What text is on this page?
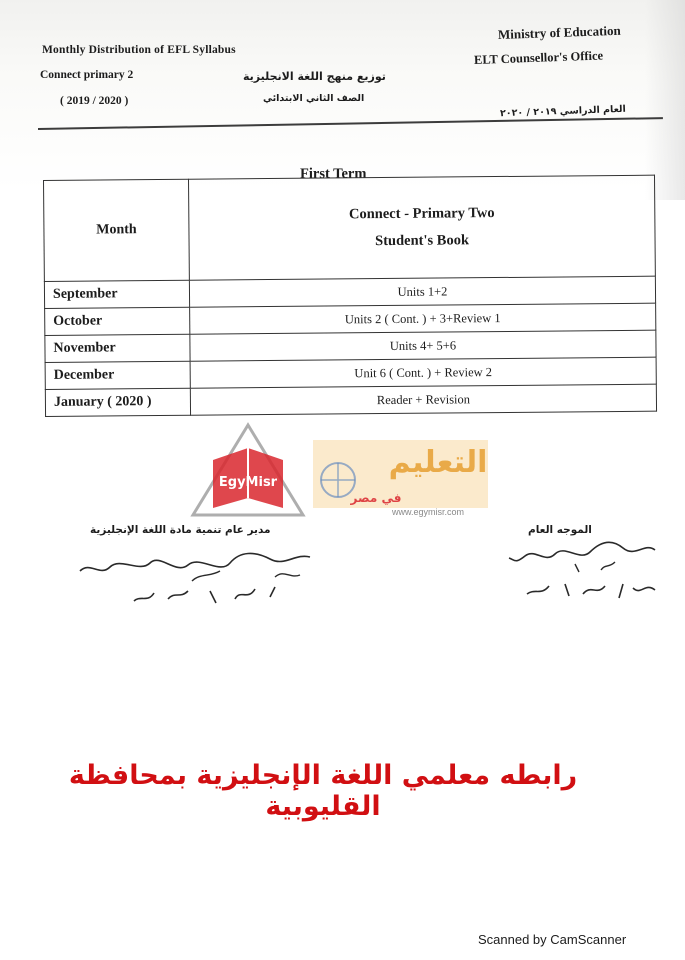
Monthly Distribution of EFL Syllabus
Connect primary 2
( 2019 / 2020 )
توزيع منهج اللغة الانجليزية
الصف الثاني الابتدائي
Ministry of Education
ELT Counsellor's Office
العام الدراسي ٢٠١٩ / ٢٠٢٠
First Term
Month	Connect - Primary Two
Student's Book

September	Units 1+2
October	Units 2 ( Cont. ) + 3+Review 1
November	Units 4+ 5+6
December	Unit 6 ( Cont. ) + Review 2
January ( 2020 )	Reader + Revision
EgyMisr
التعليم
في مصر
www.egymisr.com
مدير عام تنمية مادة اللغة الإنجليزية	الموجه العام
رابطه معلمي اللغة الإنجليزية بمحافظة القليوبية
Scanned by CamScanner
